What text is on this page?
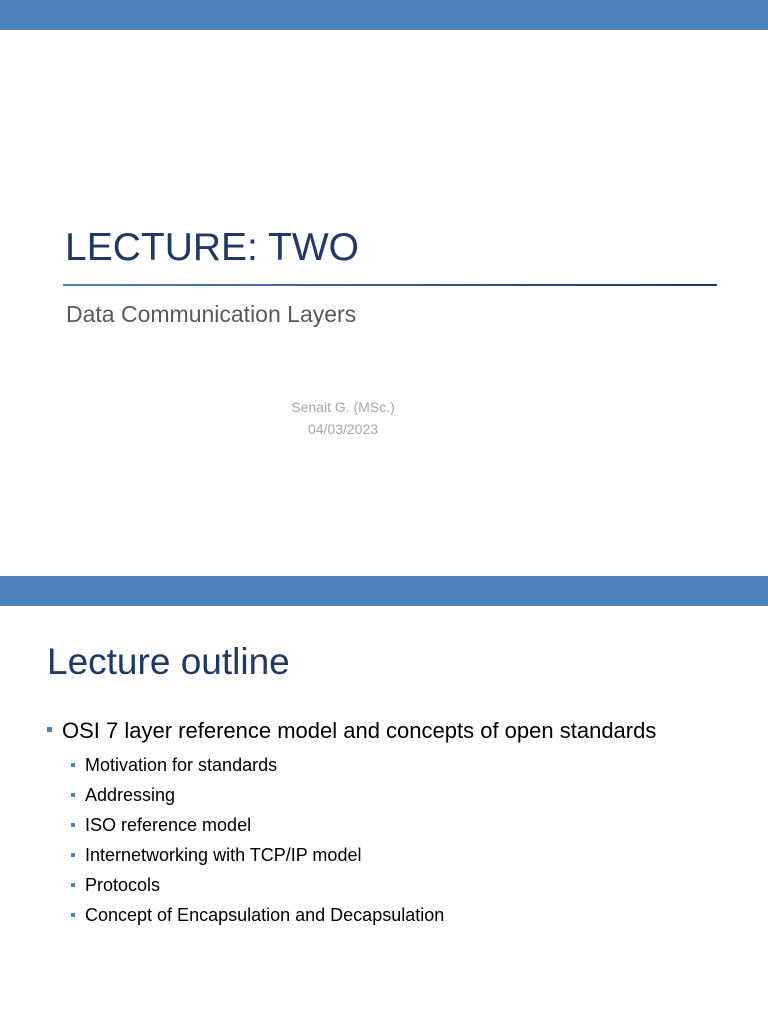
LECTURE: TWO
Data Communication Layers
Senait G. (MSc.)
04/03/2023
Lecture outline
OSI 7 layer reference model and concepts of open standards
Motivation for standards
Addressing
ISO reference model
Internetworking with TCP/IP model
Protocols
Concept of Encapsulation and Decapsulation
